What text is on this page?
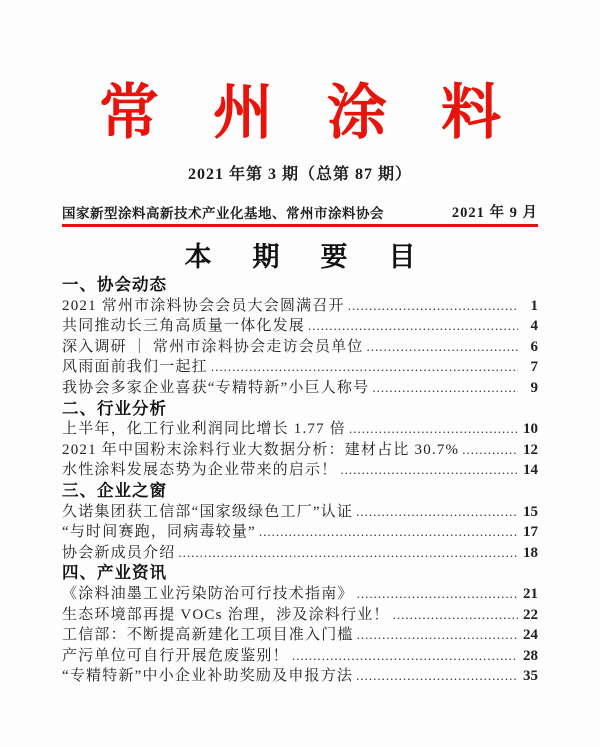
常 州 涂 料
2021 年第 3 期（总第 87 期）
国家新型涂料高新技术产业化基地、常州市涂料协会	2021 年 9 月
本 期 要 目
一、协会动态
2021 常州市涂料协会会员大会圆满召开 .....	1
共同推动长三角高质量一体化发展 .....	4
深入调研 ｜ 常州市涂料协会走访会员单位 .....	6
风雨面前我们一起扛 .....	7
我协会多家企业喜获“专精特新”小巨人称号 .....	9
二、行业分析
上半年，化工行业利润同比增长 1.77 倍 .....	10
2021 年中国粉末涂料行业大数据分析：建材占比 30.7% .....	12
水性涂料发展态势为企业带来的启示！ .....	14
三、企业之窗
久诺集团获工信部“国家级绿色工厂”认证 .....	15
“与时间赛跑，同病毒较量” .....	17
协会新成员介绍 .....	18
四、产业资讯
《涂料油墨工业污染防治可行技术指南》 .....	21
生态环境部再提 VOCs 治理，涉及涂料行业！ .....	22
工信部：不断提高新建化工项目准入门槛 .....	24
产污单位可自行开展危废鉴别！ .....	28
“专精特新”中小企业补助奖励及申报方法 .....	35
